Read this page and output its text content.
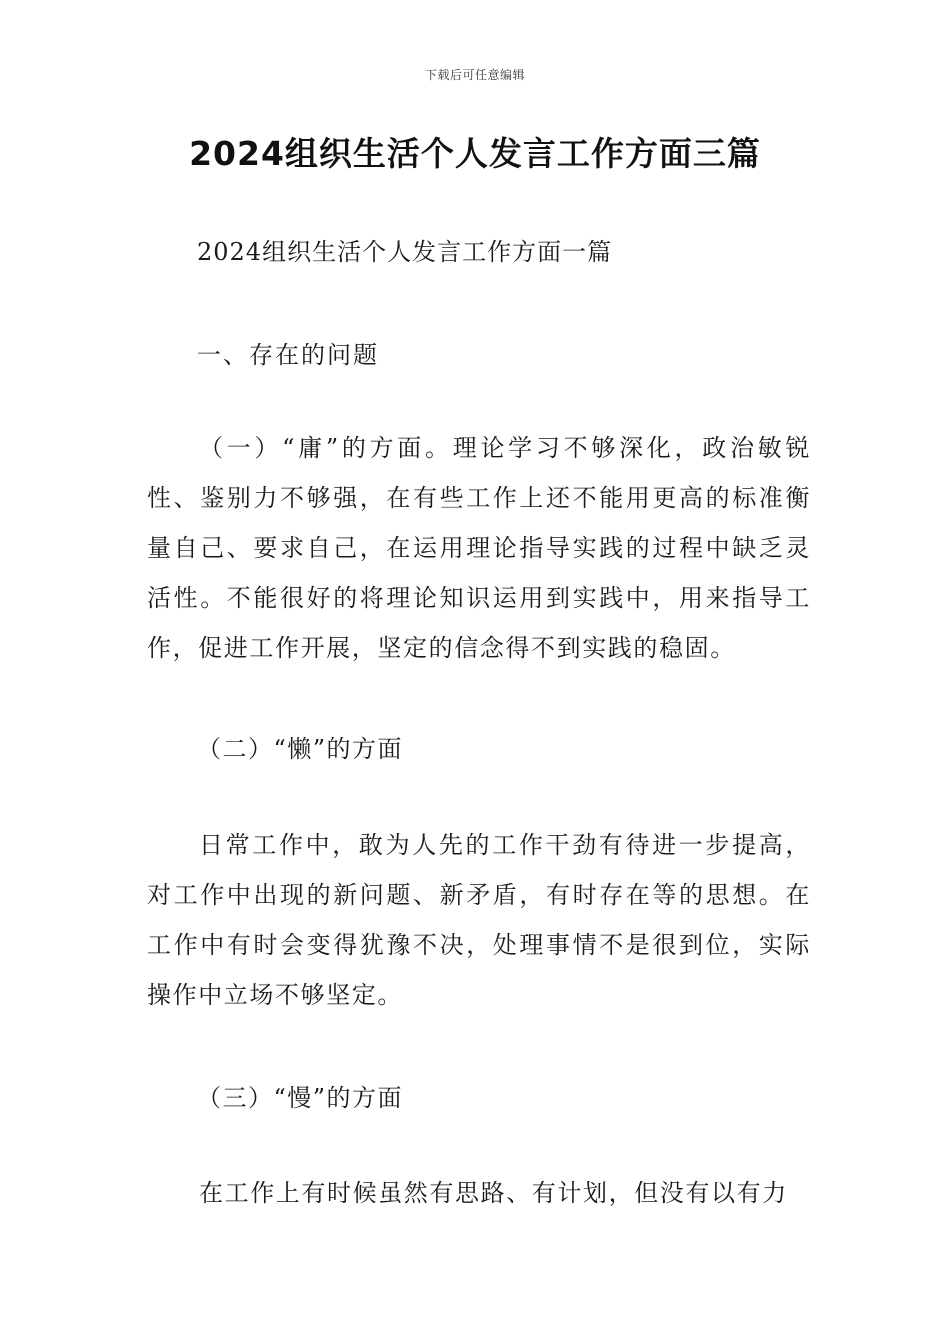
下载后可任意编辑
2024组织生活个人发言工作方面三篇
2024组织生活个人发言工作方面一篇
一、存在的问题

（一）“庸”的方面。理论学习不够深化，政治敏锐性、鉴别力不够强，在有些工作上还不能用更高的标准衡量自己、要求自己，在运用理论指导实践的过程中缺乏灵活性。不能很好的将理论知识运用到实践中，用来指导工作，促进工作开展，坚定的信念得不到实践的稳固。

（二）“懒”的方面

日常工作中，敢为人先的工作干劲有待进一步提高，对工作中出现的新问题、新矛盾，有时存在等的思想。在工作中有时会变得犹豫不决，处理事情不是很到位，实际操作中立场不够坚定。

（三）“慢”的方面

在工作上有时候虽然有思路、有计划，但没有以有力
